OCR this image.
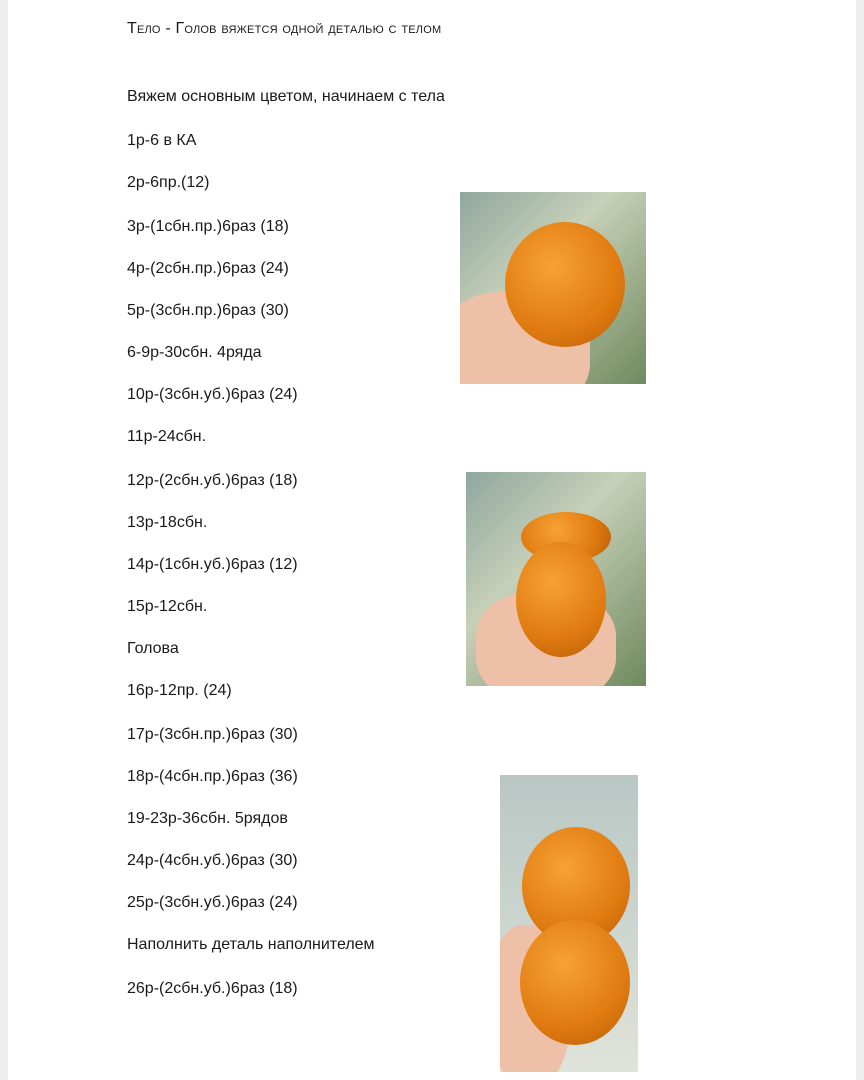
Тело - Голов вяжется одной деталью с телом
Вяжем основным цветом, начинаем с тела
1р-6 в КА
2р-6пр.(12)
3р-(1сбн.пр.)6раз (18)
4р-(2сбн.пр.)6раз (24)
5р-(3сбн.пр.)6раз (30)
6-9р-30сбн. 4ряда
10р-(3сбн.уб.)6раз (24)
11р-24сбн.
12р-(2сбн.уб.)6раз (18)
13р-18сбн.
14р-(1сбн.уб.)6раз (12)
15р-12сбн.
Голова
16р-12пр. (24)
17р-(3сбн.пр.)6раз (30)
18р-(4сбн.пр.)6раз (36)
19-23р-36сбн. 5рядов
24р-(4сбн.уб.)6раз (30)
25р-(3сбн.уб.)6раз (24)
Наполнить деталь наполнителем
26р-(2сбн.уб.)6раз (18)
